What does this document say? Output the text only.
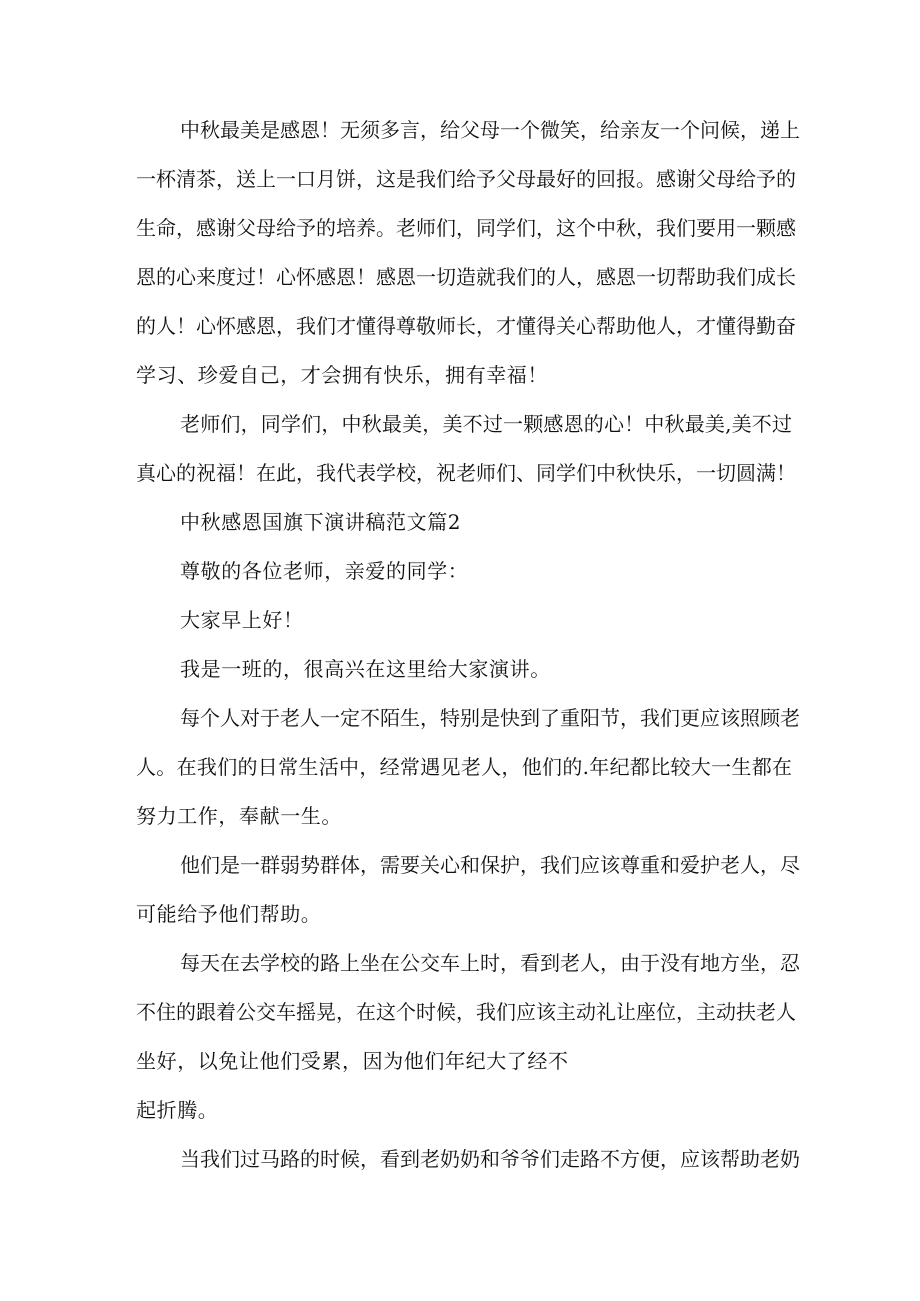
中秋最美是感恩！无须多言，给父母一个微笑，给亲友一个问候，递上
一杯清茶，送上一口月饼，这是我们给予父母最好的回报。感谢父母给予的
生命，感谢父母给予的培养。老师们，同学们，这个中秋，我们要用一颗感
恩的心来度过！心怀感恩！感恩一切造就我们的人，感恩一切帮助我们成长
的人！心怀感恩，我们才懂得尊敬师长，才懂得关心帮助他人，才懂得勤奋
学习、珍爱自己，才会拥有快乐，拥有幸福！
老师们，同学们，中秋最美，美不过一颗感恩的心！中秋最美,美不过
真心的祝福！在此，我代表学校，祝老师们、同学们中秋快乐，一切圆满！
中秋感恩国旗下演讲稿范文篇2
尊敬的各位老师，亲爱的同学：
大家早上好！
我是一班的，很高兴在这里给大家演讲。
每个人对于老人一定不陌生，特别是快到了重阳节，我们更应该照顾老
人。在我们的日常生活中，经常遇见老人，他们的.年纪都比较大一生都在
努力工作，奉献一生。
他们是一群弱势群体，需要关心和保护，我们应该尊重和爱护老人，尽
可能给予他们帮助。
每天在去学校的路上坐在公交车上时，看到老人，由于没有地方坐，忍
不住的跟着公交车摇晃，在这个时候，我们应该主动礼让座位，主动扶老人
坐好，以免让他们受累，因为他们年纪大了经不
起折腾。
当我们过马路的时候，看到老奶奶和爷爷们走路不方便，应该帮助老奶
